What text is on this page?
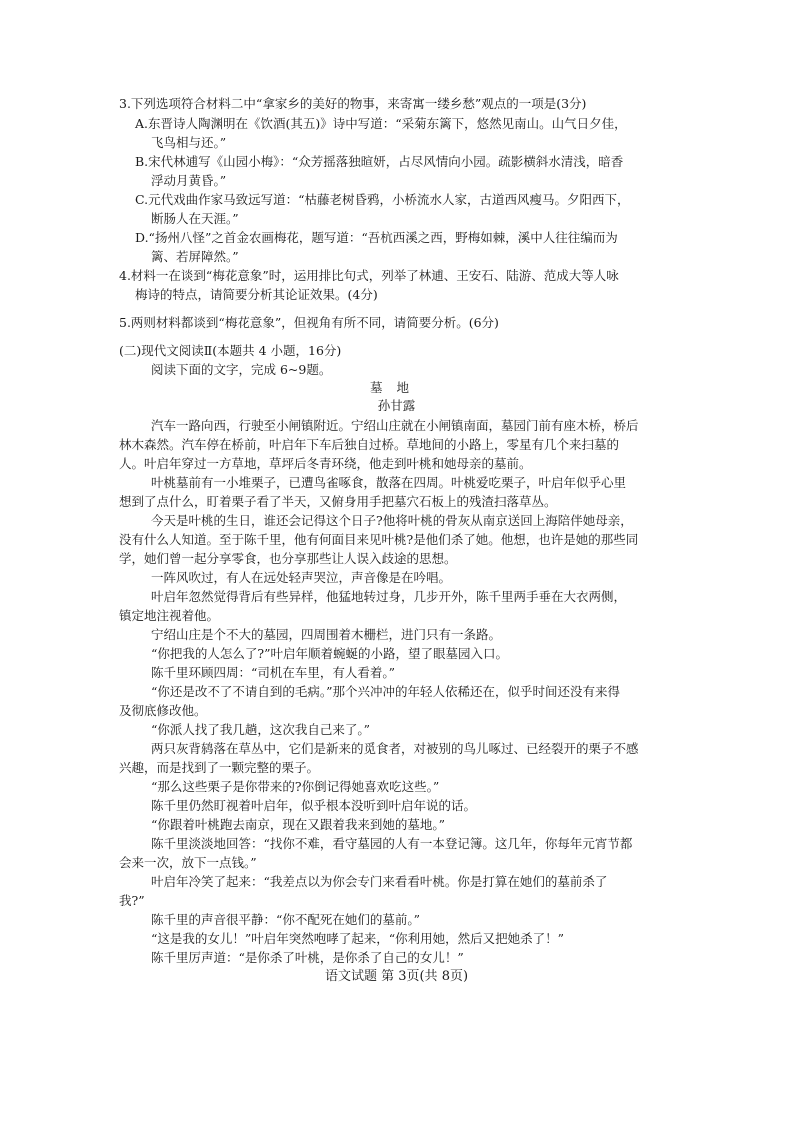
3.下列选项符合材料二中“拿家乡的美好的物事，来寄寓一缕乡愁”观点的一项是(3分)
A.东晋诗人陶渊明在《饮酒(其五)》诗中写道：“采菊东篱下，悠然见南山。山气日夕佳，
飞鸟相与还。”
B.宋代林逋写《山园小梅》：“众芳摇落独暄妍，占尽风情向小园。疏影横斜水清浅，暗香
浮动月黄昏。”
C.元代戏曲作家马致远写道：“枯藤老树昏鸦，小桥流水人家，古道西风瘦马。夕阳西下，
断肠人在天涯。”
D.“扬州八怪”之首金农画梅花，题写道：“吾杭西溪之西，野梅如棘，溪中人往往编而为
篱、若屏障然。”
4.材料一在谈到“梅花意象”时，运用排比句式，列举了林逋、王安石、陆游、范成大等人咏
梅诗的特点，请简要分析其论证效果。(4分)
5.两则材料都谈到“梅花意象”，但视角有所不同，请简要分析。(6分)
(二)现代文阅读Ⅱ(本题共 4 小题，16分)
阅读下面的文字，完成 6~9题。
墓地
孙甘露
汽车一路向西，行驶至小闸镇附近。宁绍山庄就在小闸镇南面，墓园门前有座木桥，桥后
林木森然。汽车停在桥前，叶启年下车后独自过桥。草地间的小路上，零星有几个来扫墓的
人。叶启年穿过一方草地，草坪后冬青环绕，他走到叶桃和她母亲的墓前。
叶桃墓前有一小堆栗子，已遭鸟雀啄食，散落在四周。叶桃爱吃栗子，叶启年似乎心里
想到了点什么，盯着栗子看了半天，又俯身用手把墓穴石板上的残渣扫落草丛。
今天是叶桃的生日，谁还会记得这个日子?他将叶桃的骨灰从南京送回上海陪伴她母亲，
没有什么人知道。至于陈千里，他有何面目来见叶桃?是他们杀了她。他想，也许是她的那些同
学，她们曾一起分享零食，也分享那些让人误入歧途的思想。
一阵风吹过，有人在远处轻声哭泣，声音像是在吟唱。
叶启年忽然觉得背后有些异样，他猛地转过身，几步开外，陈千里两手垂在大衣两侧，
镇定地注视着他。
宁绍山庄是个不大的墓园，四周围着木栅栏，进门只有一条路。
“你把我的人怎么了?”叶启年顺着蜿蜒的小路，望了眼墓园入口。
陈千里环顾四周：“司机在车里，有人看着。”
“你还是改不了不请自到的毛病。”那个兴冲冲的年轻人依稀还在，似乎时间还没有来得
及彻底修改他。
“你派人找了我几趟，这次我自己来了。”
两只灰背鸫落在草丛中，它们是新来的觅食者，对被别的鸟儿啄过、已经裂开的栗子不感
兴趣，而是找到了一颗完整的栗子。
“那么这些栗子是你带来的?你倒记得她喜欢吃这些。”
陈千里仍然盯视着叶启年，似乎根本没听到叶启年说的话。
“你跟着叶桃跑去南京，现在又跟着我来到她的墓地。”
陈千里淡淡地回答：“找你不难，看守墓园的人有一本登记簿。这几年，你每年元宵节都
会来一次，放下一点钱。”
叶启年冷笑了起来：“我差点以为你会专门来看看叶桃。你是打算在她们的墓前杀了
我?”
陈千里的声音很平静：“你不配死在她们的墓前。”
“这是我的女儿！”叶启年突然咆哮了起来，“你利用她，然后又把她杀了！”
陈千里厉声道：“是你杀了叶桃，是你杀了自己的女儿！”
语文试题 第 3页(共 8页)
